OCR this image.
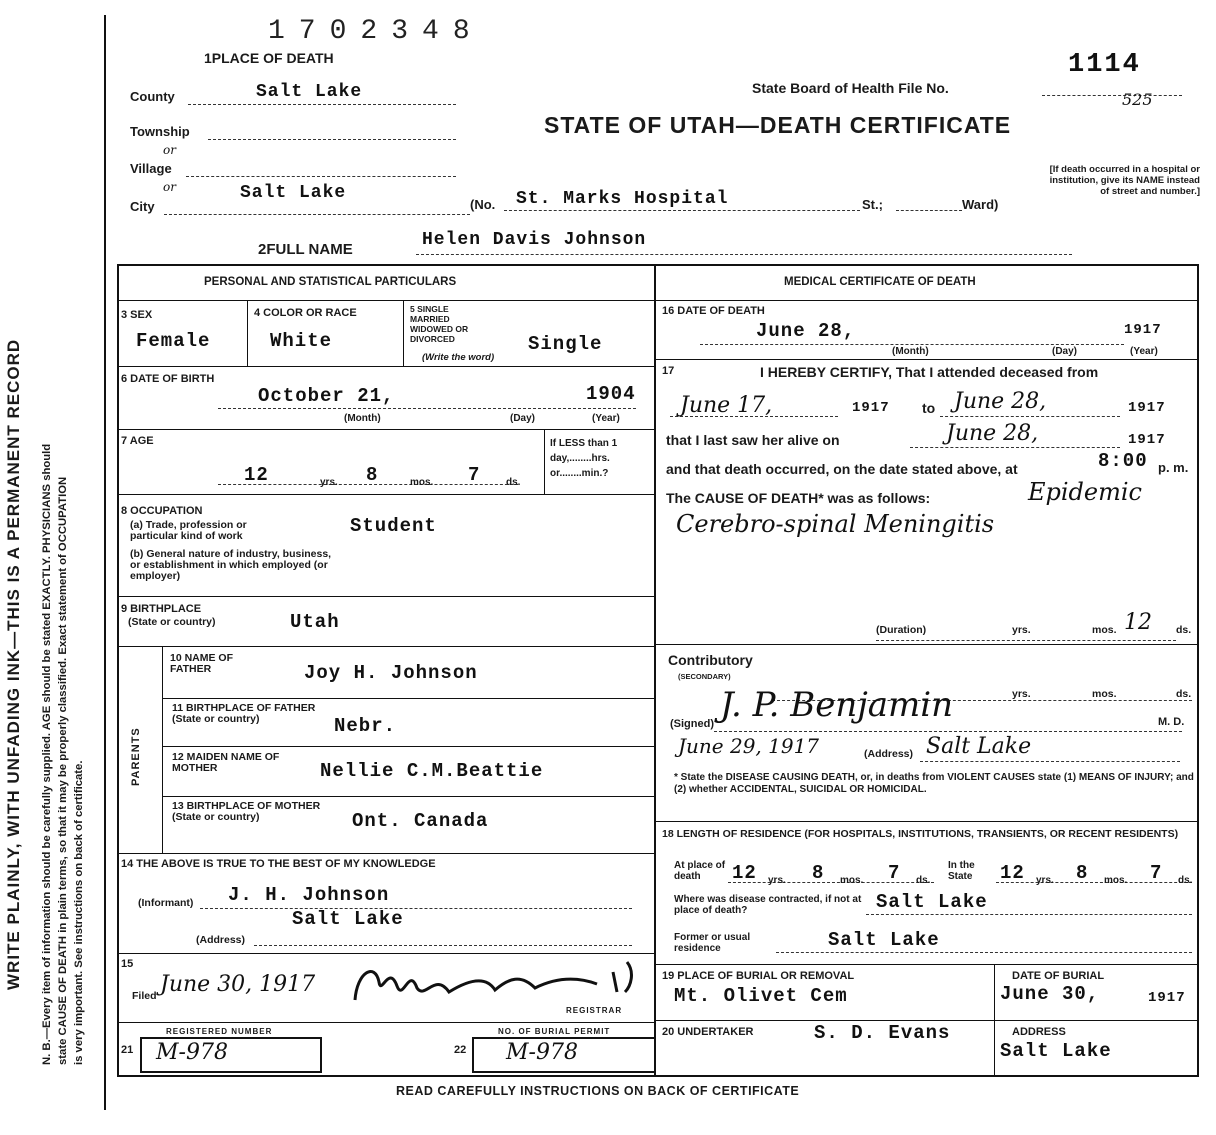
WRITE PLAINLY, WITH UNFADING INK—THIS IS A PERMANENT RECORD N. B.—Every item of information should be carefully supplied. AGE should be stated EXACTLY. PHYSICIANS should state CAUSE OF DEATH in plain terms, so that it may be properly classified. Exact statement of OCCUPATION is very important. See instructions on back of certificate.
1702348
1PLACE OF DEATH
County	Salt Lake
Township
or
Village
or
City
Salt Lake
(No. St. Marks Hospital	St.;	Ward)
State Board of Health File No.
1114
525
STATE OF UTAH—DEATH CERTIFICATE
[If death occurred in a hospital or institution, give its NAME instead of street and number.]
2FULL NAME	Helen Davis Johnson
PERSONAL AND STATISTICAL PARTICULARS
3 SEX
Female
4 COLOR OR RACE
White
5 SINGLE MARRIED WIDOWED OR DIVORCED
(Write the word)
Single
6 DATE OF BIRTH
October 21,	1904
(Month)	(Day)	(Year)
7 AGE
12	yrs. 8	mos. 7	ds.
If LESS than 1 day,........hrs. or........min.?
8 OCCUPATION
(a) Trade, profession or particular kind of work	Student
(b) General nature of industry, business, or establishment in which employed (or employer)
9 BIRTHPLACE
(State or country)	Utah
PARENTS
10 NAME OF FATHER	Joy H. Johnson
11 BIRTHPLACE OF FATHER (State or country)	Nebr.
12 MAIDEN NAME OF MOTHER	Nellie C.M.Beattie
13 BIRTHPLACE OF MOTHER (State or country)	Ont. Canada
14 THE ABOVE IS TRUE TO THE BEST OF MY KNOWLEDGE
(Informant) J. H. Johnson
Salt Lake
(Address)
15
Filed June 30, 1917
REGISTRAR
REGISTERED NUMBER
21 M-978
NO. OF BURIAL PERMIT
22 M-978
MEDICAL CERTIFICATE OF DEATH
16 DATE OF DEATH
June 28,	1917
(Month)	(Day)	(Year)
17	I HEREBY CERTIFY, That I attended deceased from
June 17,	1917 to June 28,	1917
that I last saw her alive on	June 28,	1917
and that death occurred, on the date stated above, at	8:00 p. m.
The CAUSE OF DEATH* was as follows:	Epidemic
Cerebro-spinal Meningitis
(Duration)	yrs.	mos. 12 ds.
Contributory
(SECONDARY)
yrs.	mos.	ds.
(Signed)	M. D.
J. P. Benjamin
June 29, 1917	(Address) Salt Lake
* State the DISEASE CAUSING DEATH, or, in deaths from VIOLENT CAUSES state (1) MEANS OF INJURY; and (2) whether ACCIDENTAL, SUICIDAL OR HOMICIDAL.
18 LENGTH OF RESIDENCE (FOR HOSPITALS, INSTITUTIONS, TRANSIENTS, OR RECENT RESIDENTS)
At place of death	12 yrs. 8 mos. 7 ds.
In the State	12 yrs. 8 mos. 7 ds.
Where was disease contracted, if not at place of death?	Salt Lake
Former or usual residence	Salt Lake
19 PLACE OF BURIAL OR REMOVAL
Mt. Olivet Cem
DATE OF BURIAL
June 30,	1917
20 UNDERTAKER	S. D. Evans	ADDRESS
Salt Lake
READ CAREFULLY INSTRUCTIONS ON BACK OF CERTIFICATE
